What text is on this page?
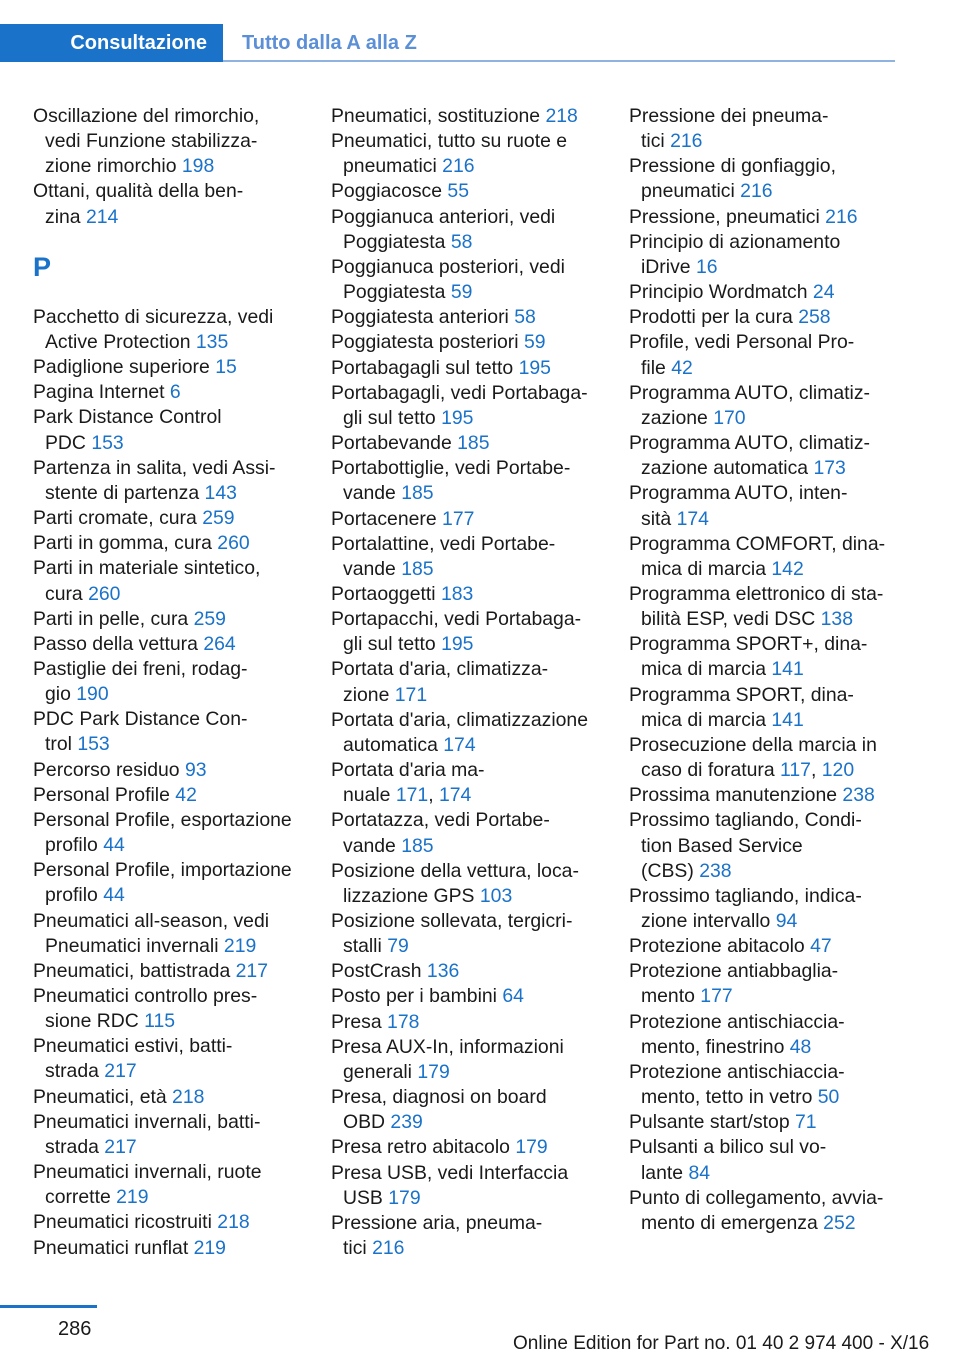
Consultazione	Tutto dalla A alla Z
Oscillazione del rimorchio,
vedi Funzione stabilizza‐
zione rimorchio 198
Ottani, qualità della ben‐
zina 214
P
Pacchetto di sicurezza, vedi
Active Protection 135
Padiglione superiore 15
Pagina Internet 6
Park Distance Control
PDC 153
Partenza in salita, vedi Assi‐
stente di partenza 143
Parti cromate, cura 259
Parti in gomma, cura 260
Parti in materiale sintetico,
cura 260
Parti in pelle, cura 259
Passo della vettura 264
Pastiglie dei freni, rodag‐
gio 190
PDC Park Distance Con‐
trol 153
Percorso residuo 93
Personal Profile 42
Personal Profile, esportazione
profilo 44
Personal Profile, importazione
profilo 44
Pneumatici all-season, vedi
Pneumatici invernali 219
Pneumatici, battistrada 217
Pneumatici controllo pres‐
sione RDC 115
Pneumatici estivi, batti‐
strada 217
Pneumatici, età 218
Pneumatici invernali, batti‐
strada 217
Pneumatici invernali, ruote
corrette 219
Pneumatici ricostruiti 218
Pneumatici runflat 219
Pneumatici, sostituzione 218
Pneumatici, tutto su ruote e
pneumatici 216
Poggiacosce 55
Poggianuca anteriori, vedi
Poggiatesta 58
Poggianuca posteriori, vedi
Poggiatesta 59
Poggiatesta anteriori 58
Poggiatesta posteriori 59
Portabagagli sul tetto 195
Portabagagli, vedi Portabaga‐
gli sul tetto 195
Portabevande 185
Portabottiglie, vedi Portabe‐
vande 185
Portacenere 177
Portalattine, vedi Portabe‐
vande 185
Portaoggetti 183
Portapacchi, vedi Portabaga‐
gli sul tetto 195
Portata d'aria, climatizza‐
zione 171
Portata d'aria, climatizzazione
automatica 174
Portata d'aria ma‐
nuale 171, 174
Portatazza, vedi Portabe‐
vande 185
Posizione della vettura, loca‐
lizzazione GPS 103
Posizione sollevata, tergicri‐
stalli 79
PostCrash 136
Posto per i bambini 64
Presa 178
Presa AUX-In, informazioni
generali 179
Presa, diagnosi on board
OBD 239
Presa retro abitacolo 179
Presa USB, vedi Interfaccia
USB 179
Pressione aria, pneuma‐
tici 216
Pressione dei pneuma‐
tici 216
Pressione di gonfiaggio,
pneumatici 216
Pressione, pneumatici 216
Principio di azionamento
iDrive 16
Principio Wordmatch 24
Prodotti per la cura 258
Profile, vedi Personal Pro‐
file 42
Programma AUTO, climatiz‐
zazione 170
Programma AUTO, climatiz‐
zazione automatica 173
Programma AUTO, inten‐
sità 174
Programma COMFORT, dina‐
mica di marcia 142
Programma elettronico di sta‐
bilità ESP, vedi DSC 138
Programma SPORT+, dina‐
mica di marcia 141
Programma SPORT, dina‐
mica di marcia 141
Prosecuzione della marcia in
caso di foratura 117, 120
Prossima manutenzione 238
Prossimo tagliando, Condi‐
tion Based Service
(CBS) 238
Prossimo tagliando, indica‐
zione intervallo 94
Protezione abitacolo 47
Protezione antiabbaglia‐
mento 177
Protezione antischiaccia‐
mento, finestrino 48
Protezione antischiaccia‐
mento, tetto in vetro 50
Pulsante start/stop 71
Pulsanti a bilico sul vo‐
lante 84
Punto di collegamento, avvia‐
mento di emergenza 252
286
Online Edition for Part no. 01 40 2 974 400 - X/16
